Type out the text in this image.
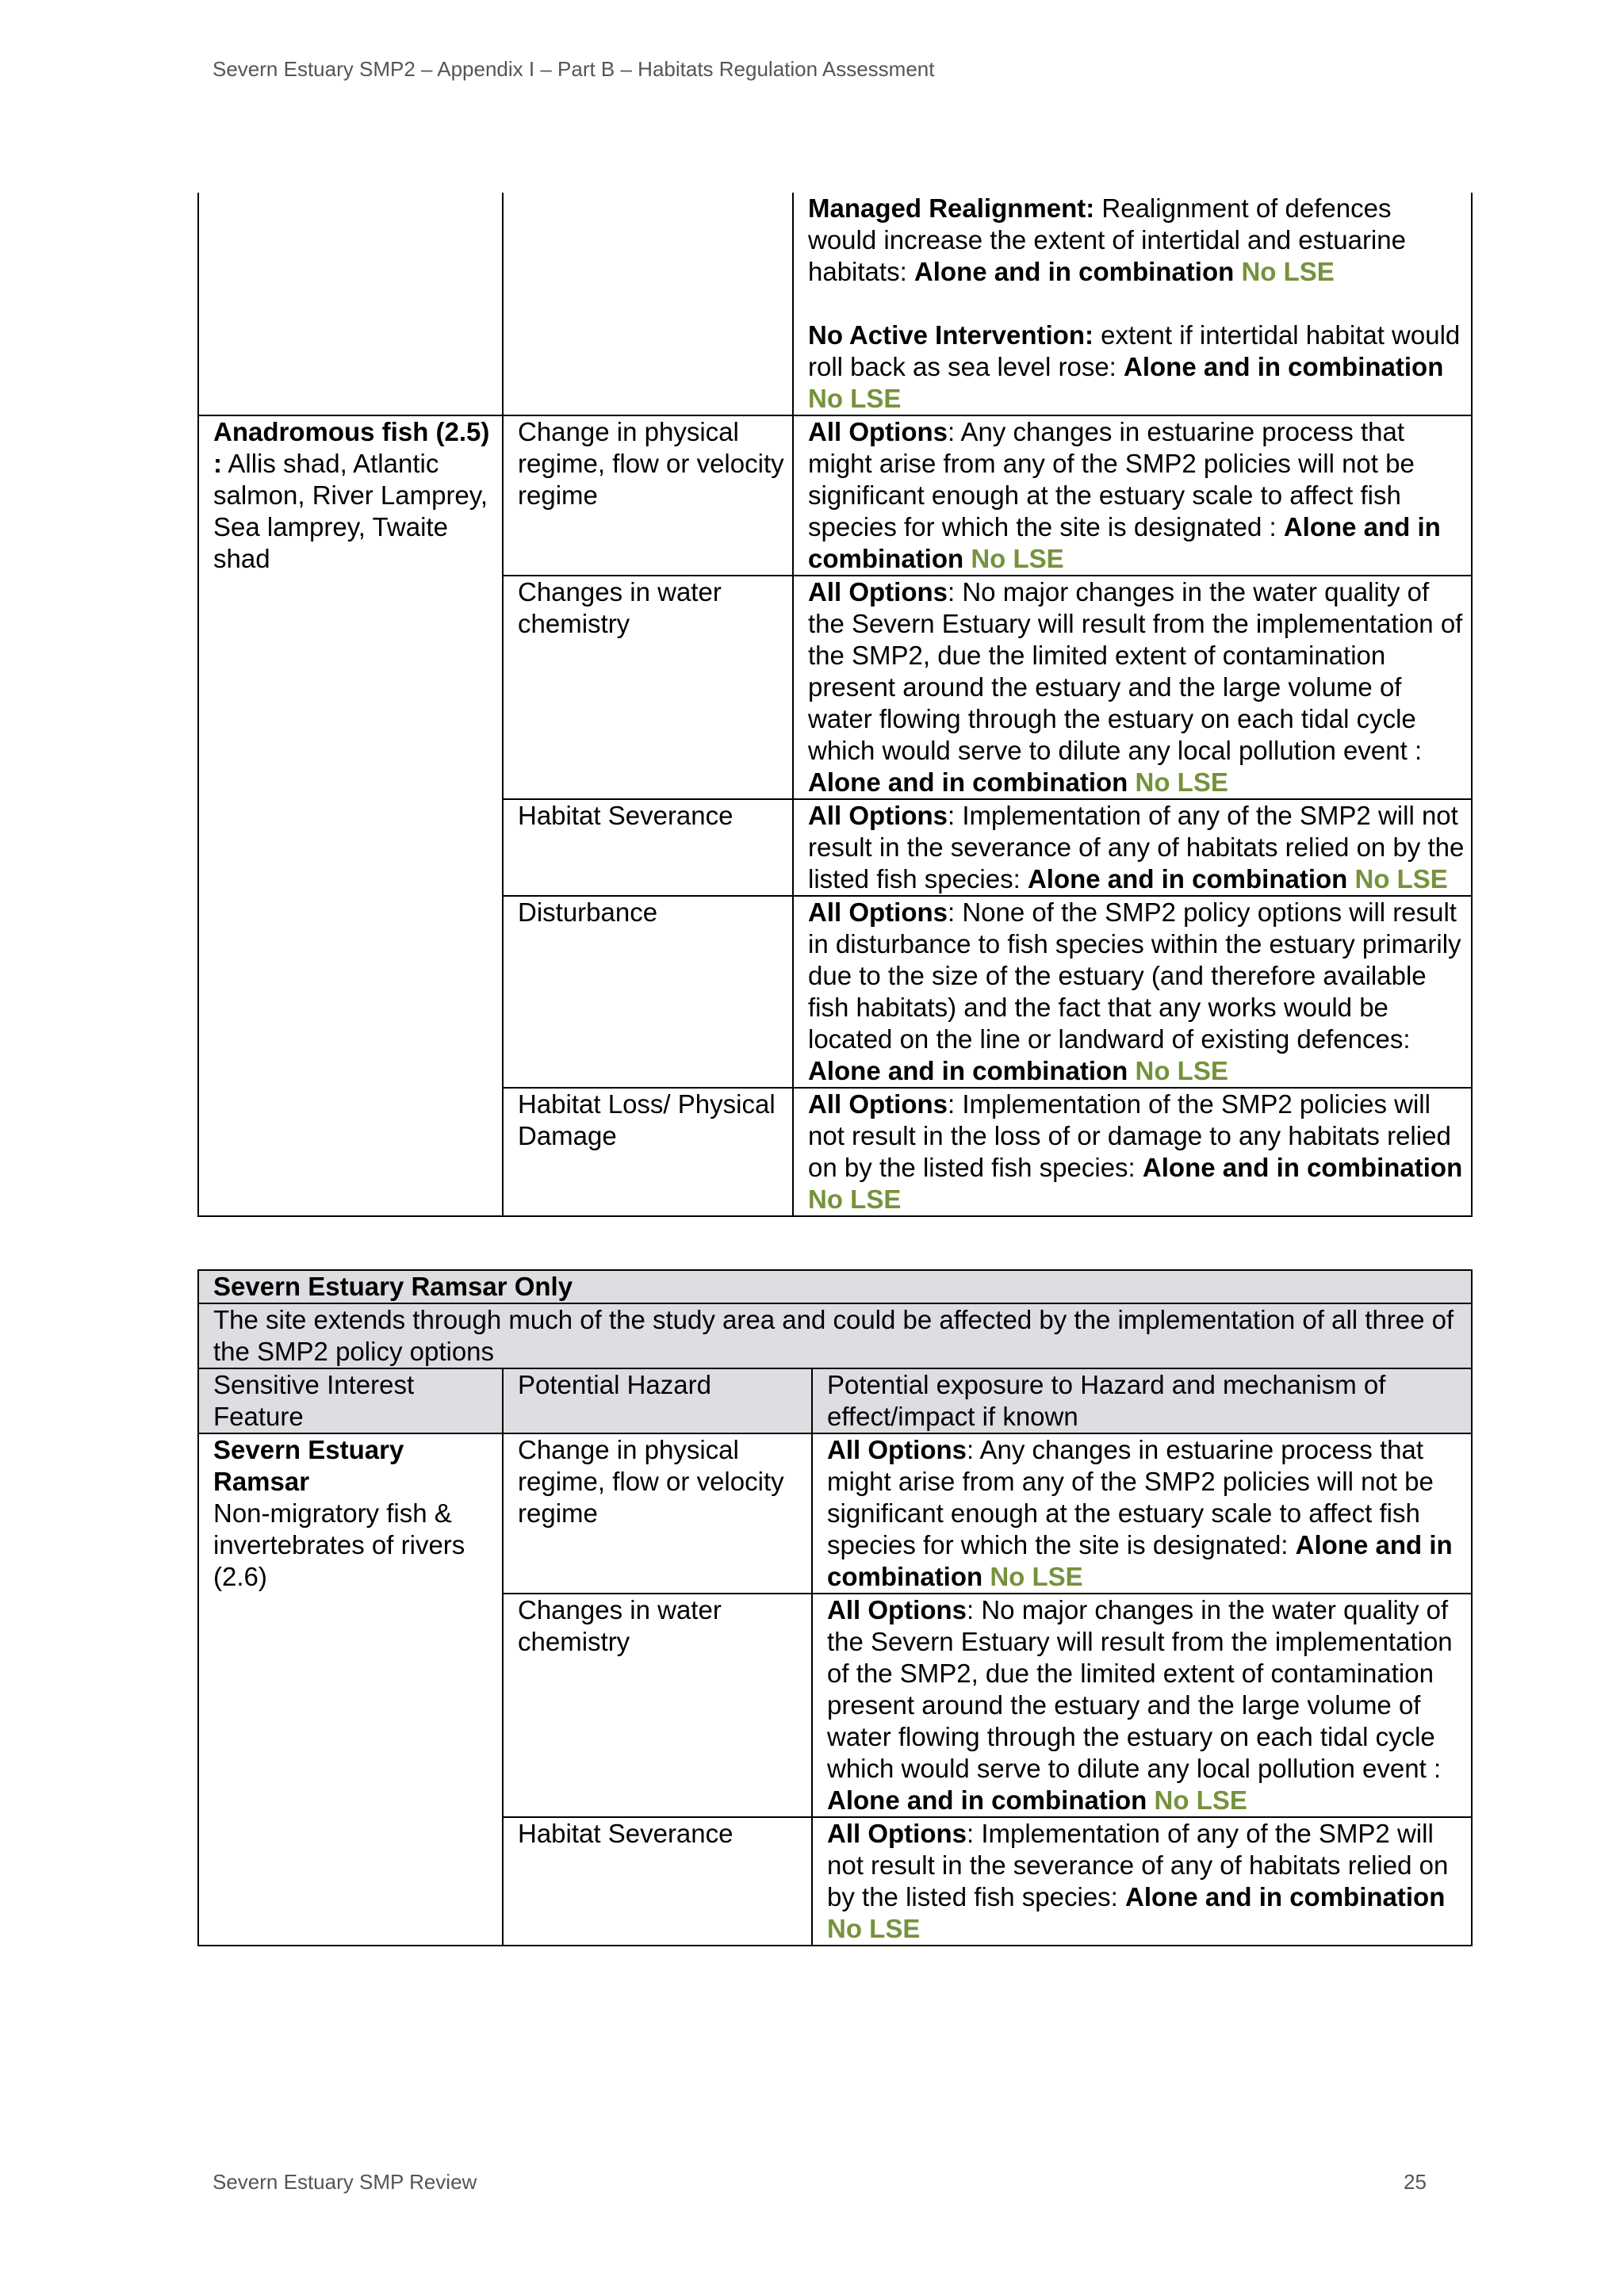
Severn Estuary SMP2 – Appendix I – Part B – Habitats Regulation Assessment
		Managed Realignment: Realignment of defences would increase the extent of intertidal and estuarine habitats: Alone and in combination No LSE
No Active Intervention: extent if intertidal habitat would roll back as sea level rose: Alone and in combination No LSE
Anadromous fish (2.5) : Allis shad, Atlantic salmon, River Lamprey, Sea lamprey, Twaite shad	Change in physical regime, flow or velocity regime	All Options: Any changes in estuarine process that might arise from any of the SMP2 policies will not be significant enough at the estuary scale to affect fish species for which the site is designated : Alone and in combination No LSE
	Changes in water chemistry	All Options: No major changes in the water quality of the Severn Estuary will result from the implementation of the SMP2, due the limited extent of contamination present around the estuary and the large volume of water flowing through the estuary on each tidal cycle which would serve to dilute any local pollution event : Alone and in combination No LSE
	Habitat Severance	All Options: Implementation of any of the SMP2 will not result in the severance of any of habitats relied on by the listed fish species: Alone and in combination No LSE
	Disturbance	All Options: None of the SMP2 policy options will result in disturbance to fish species within the estuary primarily due to the size of the estuary (and therefore available fish habitats) and the fact that any works would be located on the line or landward of existing defences: Alone and in combination No LSE
	Habitat Loss/ Physical Damage	All Options: Implementation of the SMP2 policies will not result in the loss of or damage to any habitats relied on by the listed fish species: Alone and in combination No LSE
Severn Estuary Ramsar Only		
The site extends through much of the study area and could be affected by the implementation of all three of the SMP2 policy options		
Sensitive Interest Feature	Potential Hazard	Potential exposure to Hazard and mechanism of effect/impact if known

Severn Estuary Ramsar
Non-migratory fish & invertebrates of rivers (2.6)	Change in physical regime, flow or velocity regime	All Options: Any changes in estuarine process that might arise from any of the SMP2 policies will not be significant enough at the estuary scale to affect fish species for which the site is designated: Alone and in combination No LSE
	Changes in water chemistry	All Options: No major changes in the water quality of the Severn Estuary will result from the implementation of the SMP2, due the limited extent of contamination present around the estuary and the large volume of water flowing through the estuary on each tidal cycle which would serve to dilute any local pollution event : Alone and in combination No LSE
	Habitat Severance	All Options: Implementation of any of the SMP2 will not result in the severance of any of habitats relied on by the listed fish species: Alone and in combination No LSE
Severn Estuary SMP Review	25
